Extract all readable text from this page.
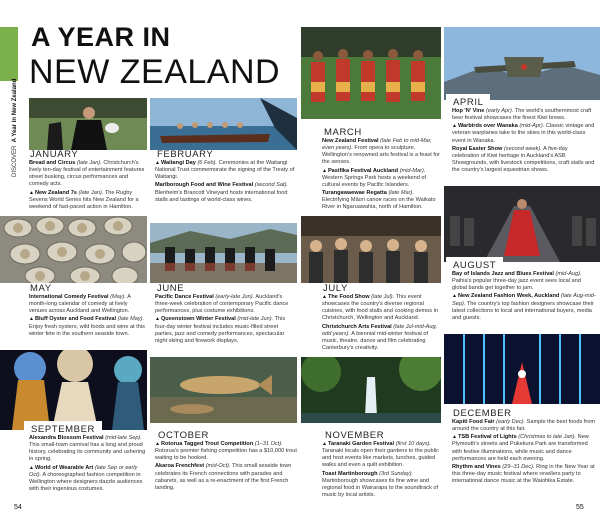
A YEAR IN
NEW ZEALAND
DISCOVER  A Year in New Zealand
JANUARY

Bread and Circus (late Jan). Christchurch's lively ten-day festival of entertainment features street busking, circus performances and comedy acts.

▲New Zealand 7s (late Jan). The Rugby Sevens World Series hits New Zealand for a weekend of fast-paced action in Hamilton.

FEBRUARY

▲Waitangi Day (6 Feb). Ceremonies at the Waitangi National Trust commemorate the signing of the Treaty of Waitangi.

Marlborough Food and Wine Festival (second Sat). Blenheim's Brancott Vineyard hosts international food stalls and tastings of world-class wines.

MARCH

New Zealand Festival (late Feb to mid-Mar, even years). From opera to sculpture, Wellington's renowned arts festival is a feast for the senses.

▲Pasifika Festival Auckland (mid-Mar). Western Springs Park hosts a weekend of cultural events by Pacific Islanders.

Turangawaewae Regatta (late Mar). Electrifying Māori canoe races on the Waikato River in Ngaruawahia, north of Hamilton.

APRIL

Hop 'N' Vine (early Apr). The world's southernmost craft beer festival showcases the finest Kiwi brews.

▲Warbirds over Wanaka (mid-Apr). Classic vintage and veteran warplanes take to the skies in this world-class event in Wanaka.

Royal Easter Show (second week). A five-day celebration of Kiwi heritage in Auckland's ASB Showgrounds, with livestock competitions, craft stalls and the country's largest equestrian shows.

MAY

International Comedy Festival (May). A month-long calendar of comedy at lively venues across Auckland and Wellington.

▲Bluff Oyster and Food Festival (late May). Enjoy fresh oysters, wild foods and wine at this winter fete in the southern seaside town.

JUNE

Pacific Dance Festival (early-late Jun). Auckland's three-week celebration of contemporary Pacific dance performances, plus costume exhibitions.

▲Queenstown Winter Festival (mid-late Jun). This four-day winter festival includes music-filled street parties, jazz and comedy performances, spectacular night skiing and firework displays.

JULY

▲The Food Show (late Jul). This event showcases the country's diverse regional cuisines, with food stalls and cooking demos in Christchurch, Wellington and Auckland.

Christchurch Arts Festival (late Jul-mid-Aug, odd years). A biennial mid-winter festival of music, theatre, dance and film celebrating Canterbury's creativity.

AUGUST

Bay of Islands Jazz and Blues Festival (mid-Aug). Paihia's popular three-day jazz event sees local and global bands get together to jam.

▲New Zealand Fashion Week, Auckland (late Aug-mid-Sep). The country's top fashion designers showcase their latest collections to local and international buyers, media and guests.

SEPTEMBER

Alexandra Blossom Festival (mid-late Sep). This small-town carnival has a long and proud history, celebrating its community and ushering in spring.

▲World of Wearable Art (late Sep or early Oct). A choreographed fashion competition in Wellington where designers dazzle audiences with their ingenious costumes.

OCTOBER

▲Rotorua Tagged Trout Competition (1–31 Oct). Rotorua's premier fishing competition has a $10,000 trout waiting to be hooked.

Akaroa Frenchfest (mid-Oct). This small seaside town celebrates its French connections with parades and cabarets, as well as a re-enactment of the first French landing.

NOVEMBER

▲Taranaki Garden Festival (first 10 days). Taranaki locals open their gardens to the public and host events like markets, lunches, guided walks and even a quilt exhibition.

Toast Martinborough (3rd Sunday). Martinborough showcases its fine wine and regional food in Wairarapa to the soundtrack of music by local artists.

DECEMBER

Kapiti Food Fair (early Dec). Sample the best foods from around the country at this fair.

▲TSB Festival of Lights (Christmas to late Jan). New Plymouth's streets and Pukekura Park are transformed with festive illuminations, while music and dance performances are held each evening.

Rhythm and Vines (29–31 Dec). Ring in the New Year at this three-day music festival where revellers party to international dance music at the Waiohika Estate.

54	55
